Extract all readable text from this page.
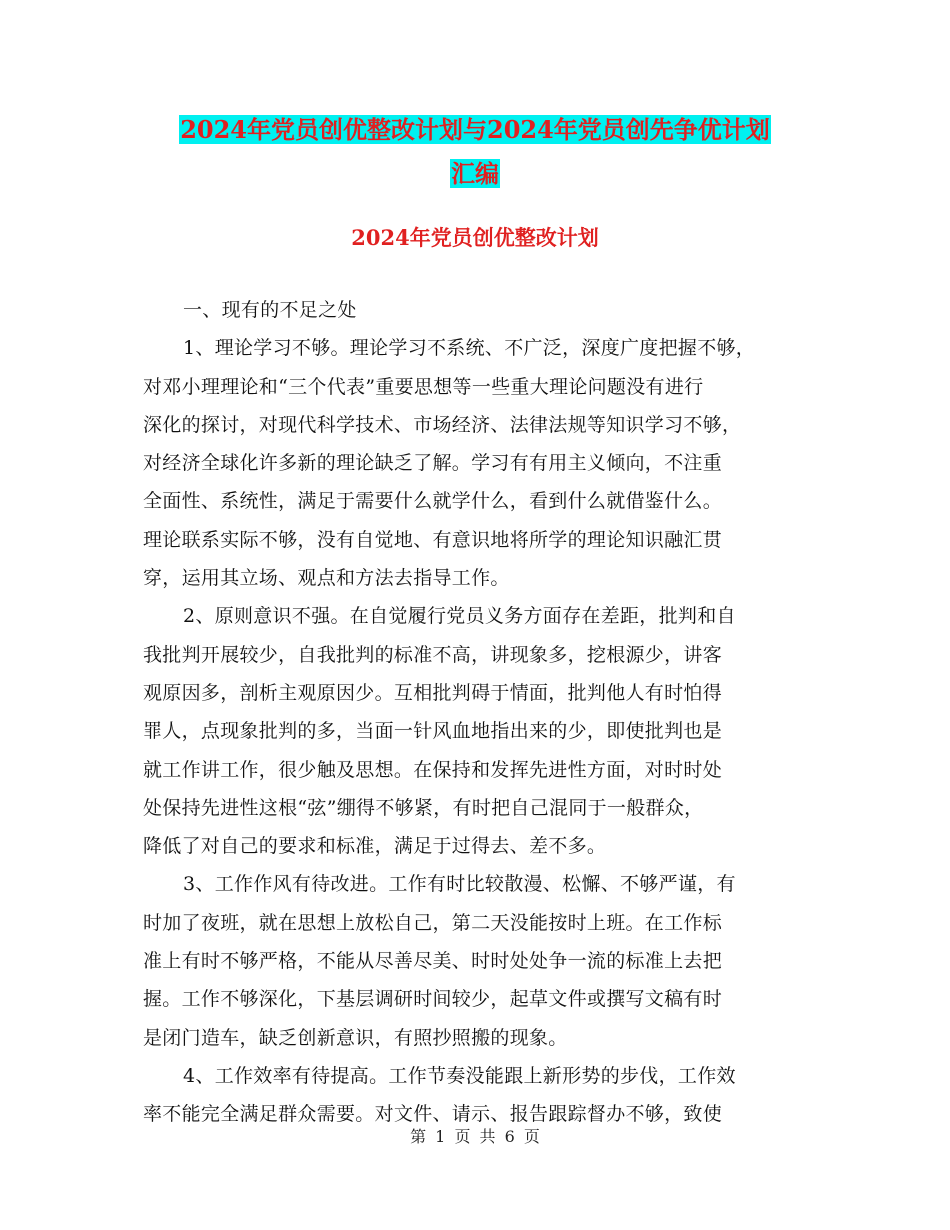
2024年党员创优整改计划与2024年党员创先争优计划
汇编
2024年党员创优整改计划

一、现有的不足之处

1、理论学习不够。理论学习不系统、不广泛，深度广度把握不够，

对邓小理理论和“三个代表”重要思想等一些重大理论问题没有进行

深化的探讨，对现代科学技术、市场经济、法律法规等知识学习不够，

对经济全球化许多新的理论缺乏了解。学习有有用主义倾向，不注重

全面性、系统性，满足于需要什么就学什么，看到什么就借鉴什么。

理论联系实际不够，没有自觉地、有意识地将所学的理论知识融汇贯

穿，运用其立场、观点和方法去指导工作。

2、原则意识不强。在自觉履行党员义务方面存在差距，批判和自

我批判开展较少，自我批判的标准不高，讲现象多，挖根源少，讲客

观原因多，剖析主观原因少。互相批判碍于情面，批判他人有时怕得

罪人，点现象批判的多，当面一针风血地指出来的少，即使批判也是

就工作讲工作，很少触及思想。在保持和发挥先进性方面，对时时处

处保持先进性这根“弦”绷得不够紧，有时把自己混同于一般群众，

降低了对自己的要求和标准，满足于过得去、差不多。

3、工作作风有待改进。工作有时比较散漫、松懈、不够严谨，有

时加了夜班，就在思想上放松自己，第二天没能按时上班。在工作标

准上有时不够严格，不能从尽善尽美、时时处处争一流的标准上去把

握。工作不够深化，下基层调研时间较少，起草文件或撰写文稿有时

是闭门造车，缺乏创新意识，有照抄照搬的现象。

4、工作效率有待提高。工作节奏没能跟上新形势的步伐，工作效

率不能完全满足群众需要。对文件、请示、报告跟踪督办不够，致使

第 1 页 共 6 页
